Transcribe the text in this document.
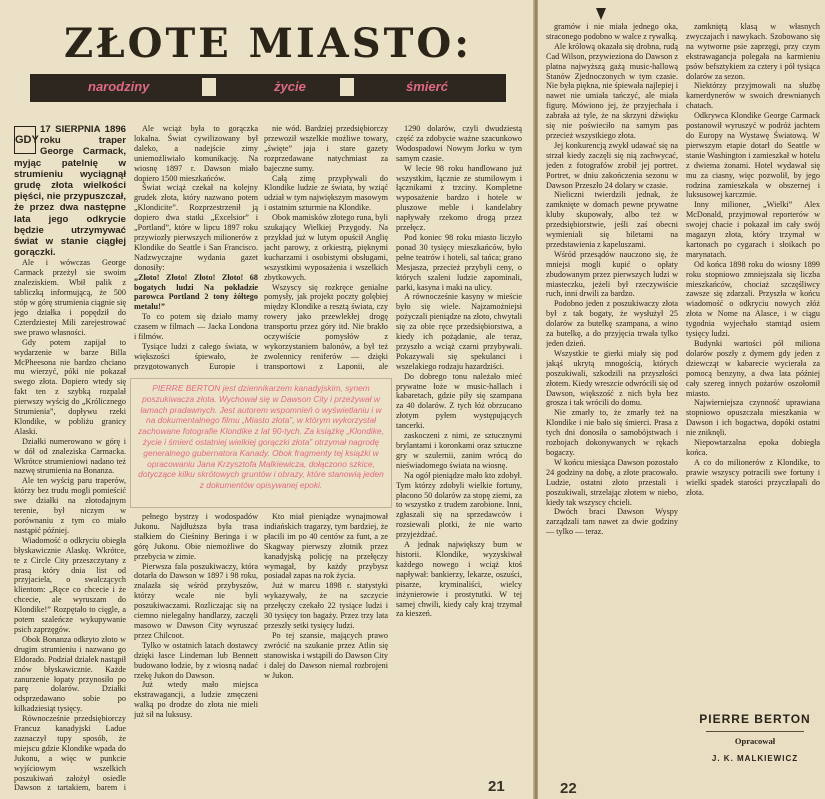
ZŁOTE MIASTO:
narodziny	życie	śmierć
GDY

17 SIERPNIA 1896 roku traper George Carmack, myjąc patelnię w strumieniu wyciągnął grudę złota wielkości pięści, nie przypuszczał, że przez dwa następne lata jego odkrycie będzie utrzymywać świat w stanie ciągłej gorączki.

Ale i wówczas George Carmack przeżył sie swoim znaleziskiem. Wbił palik z tabliczką informującą, że 500 stóp w górę strumienia ciągnie się jego działka i popędził do Czterdziestej Mili zarejestrować swe prawo własności.

Gdy potem zapijał to wydarzenie w barze Billa McPheesona nie bardzo chciano mu wierzyć, póki nie pokazał swego złota. Dopiero wtedy się fakt ten z szybką rozpalał pierwszy wyścig do „Królicznego Strumienia”, dopływu rzeki Klondike, w pobliżu granicy Alaski.

Działki numerowano w górę i w dół od znaleziska Carmacka. Wkrótce strumieniowi nadano też nazwę strumienia na Bonanza.

Ale ten wyścig paru traperów, którzy bez trudu mogli pomieścić swe działki na złotodajnym terenie, był niczym w porównaniu z tym co miało nastąpić później.

Wiadomość o odkryciu obiegła błyskawicznie Alaskę. Wkrótce, te z Circle City przeszczytany z prasą który dnia list od przyjaciela, o swalczących klientom: „Ręce co chcecie i że chcecie, ale wyruszam do Klondike!” Rozpętało to cięgle, a potem szaleńcze wykupywanie psich zaprzęgów.

Obok Bonanza odkryto złoto w drugim strumieniu i nazwano go Eldorado. Podział działek nastąpił znów błyskawicznie. Każde zanurzenie łopaty przynosiło po parę dolarów. Działki odsprzedawano sobie po kilkadziesiąt tysięcy.

Równocześnie przedsiębiorczy Francuz kanadyjski Ladue zaznaczył tupy sposób, że miejscu gdzie Klondike wpada do Jukonu, a więc w punkcie wyjściowym wszelkich poszukiwań założył osiedle Dawson z tartakiem, barem i

Ale wciąż była to gorączka lokalna. Świat cywilizowany był daleko, a nadejście zimy uniemożliwiało komunikację. Na wiosnę 1897 r. Dawson miało dopiero 1500 mieszkańców.

Świat wciąż czekał na kolejny grudek złota, który nazwano potem „Klondicite”. Rozprzestrzenił ją dopiero dwa statki „Excelsior” i „Portland”, które w lipcu 1897 roku przywiozły pierwszych milionerów z Klondike do Seattle i San Francisco. Nadzwyczajne wydania gazet donosiły:

„Złoto! Złoto! Złoto! Złoto! 68 bogatych ludzi Na pokładzie parowca Portland 2 tony żółtego metalu!”

To co potem się działo mamy czasem w filmach — Jacka Londona i filmów.

Tysiące ludzi z całego świata, w większości śpiewało, że przygotowanych Europie i

nie wód. Bardziej przedsiębiorczy przewoził wszelkie możliwe towary, „święte” jaja i stare gazety rozprzedawane natychmiast za bajeczne sumy.

Całą zimę przypływali do Klondike ludzie ze świata, by wziąć udział w tym największym masowym i ostatnim szturmie na Klondike.

Obok mamisków złotego runa, byli szukający Wielkiej Przygody. Na przykład już w lutym opuścił Anglię jacht parowy, z orkiestrą, pięknymi kucharzami i osobistymi obsługami, wszystkimi wyposażenia i wszelkich zbytkowych.

Wszyscy się rozkręce genialne pomysły, jak projekt poczty golębiej między Klondike a resztą świata, czy rowery jako przewlekłej drogę transportu przez góry itd. Nie brakło oczywiście pomysłów z wykorzystaniem balonów, a był też zwolennicy reniferów — dzięki transportowi z Laponii, ale

1290 dolarów, czyli dwudziestą część za zdobycie ważne szacunkowo Wodospadowi Nowym Jorku w tym samym czasie.

W lecie 98 roku handlowano już wszystkim, łącznie ze stumilowym i łącznikami z trzciny. Kompletne wyposażenie bardzo i hotele w pluszowe meble i kandelabry napływały rzekomo drogą przez przełęcz.

Pod koniec 98 roku miasto liczyło ponad 30 tysięcy mieszkańców, było pełne teatrów i hoteli, sal tańca; grano Mesjasza, przecież przybyli ceny, o których szaleni ludzie zapominali, parki, kasyna i maki na ulicy.

A równocześnie kasyny w mieście było się wiele. Najzamożniejsi pożyczali pieniądze na złoto, chwytali się za obie ręce przedsiębiorstwa, a kiedy ich pożądanie, ale teraz, przyszło a wciąż czarni przybywali. Pokazywali się spekulanci i wszelakiego rodzaju hazardziści.

Do dobrego tonu należało mieć prywatne łoże w music-hallach i kabaretach, gdzie piły się szampana za 40 dolarów. Z tych łóż obrzucano złotym pyłem występujących tancerki.

zaskoczeni z nimi, ze sztucznymi brylantami i koronkami oraz sztuczne gry w szulernii, zanim wrócą do nieświadomego świata na wiosnę.

Na ogół pieniądze mało kto zdobył. Tym którzy zdobyli wielkie fortuny, płacono 50 dolarów za stopę ziemi, za to wszystko z trudem zarobione. Inni, zgłaszali się na sprzedawców i rozsiewali plotki, że nie warto przyjeżdżać.

A jednak największy bum w historii. Klondike, wyzyskiwał każdego nowego i wciąż ktoś napływał: bankierzy, lekarze, oszuści, pisarze, kryminaliści, wielcy inżynierowie i prostytutki. W tej samej chwili, kiedy cały kraj trzymał za kieszeń.

PIERRE BERTON jest dziennikarzem kanadyjskim, synem poszukiwacza złota. Wychował się w Dawson City i przeżywał w lamach pradawnych. Jest autorem wspomnień o wyświetlaniu i w na dokumentalnego filmu „Miasto złota”, w którym wykorzystał zachowane fotografie Klondike z lat 90-tych. Za książkę „Klondike, życie i śmierć ostatniej wielkiej gorączki złota” otrzymał nagrodę generalnego gubernatora Kanady. Obok fragmenty tej książki w opracowaniu Jana Krzysztofa Malkiewicza, dołączono szkice, dotyczące kilku skrótowych gruntów i obrazy, które stanowią jeden z dokumentów opisywanej epoki.

pełnego bystrzy i wodospadów Jukonu. Najdłuższa była trasa stałkiem do Cieśniny Beringa i w górę Jukonu. Obie niemożliwe do przebycia w zimie.

Pierwsza fala poszukiwaczy, która dotarła do Dawson w 1897 i 98 roku, znalazła się wśród przybyszów, którzy wcale nie byli poszukiwaczami. Rozliczając się na ciemno nielegalny handlarzy, zaczęli masowo w Dawson City wyruszać przez Chilcoot.

Tylko w ostatnich latach dostawcy dzięki łasce Lindeman lub Bennett budowano łodzie, by z wiosną nadać rzekę Jukon do Dawson.

Już wtedy mało miejsca ekstrawagancji, a ludzie zmęczeni walką po drodze do złota nie mieli już sił na luksusy.

Kto miał pieniądze wynajmował indiańskich tragarzy, tym bardziej, że płacili im po 40 centów za funt, a ze Skagway pierwszy złotnik przez kanadyjską policję na przełęczy wymagał, by każdy przybysz posiadał zapas na rok życia.

Już w marcu 1898 r. statystyki wykazywały, że na szczycie przełęczy czekało 22 tysiące ludzi i 30 tysięcy ton bagaży. Przez trzy lata przeszły setki tysięcy ludzi.

Po tej szansie, mających prawo zwrócić na szukanie przez Atlin się stanowiska i wstąpili do Dawson City i dalej do Dawson niemal rozbrojeni w Jukon.

21

gramów i nie miała jednego oka, straconego podobno w walce z rywalką.

Ale królową okazała się drobna, rudą Cad Wilson, przywieziona do Dawson z platna najwyższą gażą music-hallową Stanów Zjednoczonych w tym czasie. Nie była piękna, nie śpiewała najlepiej i nawet nie umiała tańczyć, ale miała figurę. Mówiono jej, że przyjechała i zabrała aż tyle, że na skrzyni dźwięku się nie poświeciło na samym pas przecież wszystkiego złota.

Jej konkurencją zwykł udawać się na strzał kiedy zaczęli się nią zachwycać, jeden z fotografów zrobił jej portret. Portret, w dniu zakończenia sezonu w Dawson Przeszło 24 dolary w czasie.

Nieliczni twierdzili jednak, że zamknięte w domach pewne prywatne kluby skupowały, albo też w przedsiębiorstwie, jeśli zaś obecni wymieniali się biletami na przedstawienia z kapeluszami.

Wśród przesądów nauczono się, że mniejsi mogli kupić o opłaty zbudowanym przez pierwszych ludzi w miasteczku, jeżeli był rzeczywiście ruch, inni drwili za bardzo.

Podobno jeden z poszukiwaczy złota był z tak bogaty, że wysłużył 25 dolarów za butelkę szampana, a wino za butelkę, a do przyjęcia trwała tylko jeden dzień.

Wszystkie te gierki miały się pod jakąś ukrytą mnogością, których poszukiwali, szkodzili na przyszłości złotem. Kiedy wreszcie odwrócili się od Dawson, większość z nich była bez grosza i tak wrócili do domu.

Nie zmarły to, że zmarły też na Klondike i nie bało się śmierci. Prasa z tych dni donosiła o samobójstwach i rozbojach dokonywanych w rękach bogaczy.

W końcu miesiąca Dawson pozostało 24 godziny na dobę, a złote pracowało. Ludzie, ostatni złoto przestali i poszukiwali, strzelając złotem w niebo, kiedy tak wszyscy chcieli.

Dwóch braci Dawson Wyspy zarządzali tam nawet za dwie godziny — tylko — teraz.

zamkniętą klasą w własnych zwyczajach i nawykach. Szobowano się na wytworne psie zaprzęgi, przy czym ekstrawagancja polegała na karmieniu psów befsztykiem za cztery i pół tysiąca dolarów za sezon.

Niektórzy przyjmowali na służbę kamerdynerów w swoich drewnianych chatach.

Odkrywca Klondike George Carmack postanowił wyruszyć w podróż jachtem do Europy na Wystawę Światową. W pierwszym etapie dotarł do Seattle w stanie Washington i zamieszkał w hotelu z dwiema żonami. Hotel wydawał się mu za ciasny, więc pozwolił, by jego rodzina zamieszkała w obszernej i luksusowej karczmie.

Inny milioner, „Wielki” Alex McDonald, przyjmował reporterów w swojej chacie i pokazał im cały swój magazyn złota, który trzymał w kartonach po cygarach i słoikach po marynatach.

Od końca 1898 roku do wiosny 1899 roku stopniowo zmniejszała się liczba mieszkańców, chociaż szczęśliwcy zawsze się zdarzali. Przyszła w końcu wiadomość o odkryciu nowych złóż złota w Nome na Alasce, i w ciągu tygodnia wyjechało stamtąd osiem tysięcy ludzi.

Budynki wartości pół miliona dolarów poszły z dymem gdy jeden z dziewcząt w kabarecie wycierała za pomocą benzyny, a dwa lata później cały szereg innych pożarów oszołomił miasto.

Najwierniejsza czynność uprawiana stopniowo opuszczała mieszkania w Dawson i ich bogactwa, dopóki ostatni nie zniknęli.

Niepowtarzalna epoka dobiegła końca.

A co do milionerów z Klondike, to prawie wszyscy potracili swe fortuny i wielki spadek starości przyczłapali do złota.

PIERRE BERTON
Opracował
J. K. MALKIEWICZ
22
